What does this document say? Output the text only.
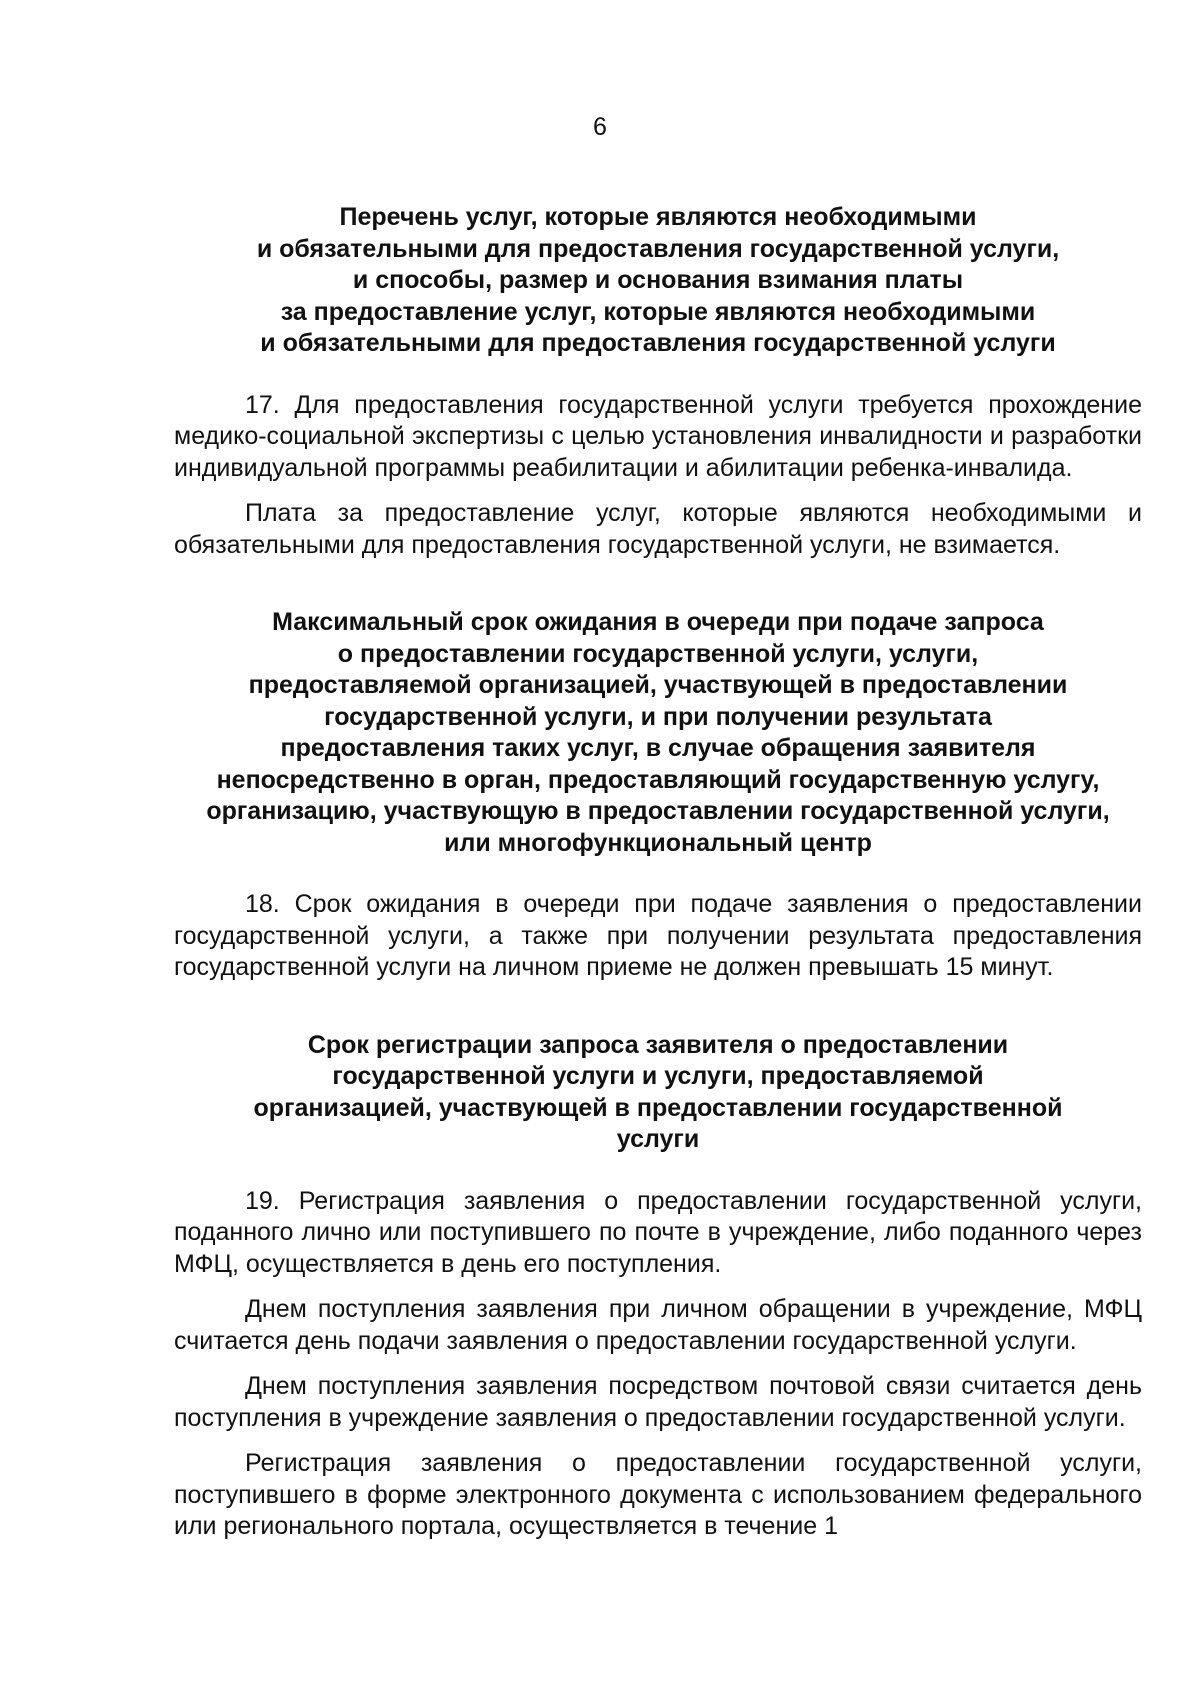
6

Перечень услуг, которые являются необходимыми
и обязательными для предоставления государственной услуги,
и способы, размер и основания взимания платы
за предоставление услуг, которые являются необходимыми
и обязательными для предоставления государственной услуги

17. Для предоставления государственной услуги требуется прохождение медико-социальной экспертизы с целью установления инвалидности и разработки индивидуальной программы реабилитации и абилитации ребенка-инвалида.

Плата за предоставление услуг, которые являются необходимыми и обязательными для предоставления государственной услуги, не взимается.

Максимальный срок ожидания в очереди при подаче запроса
о предоставлении государственной услуги, услуги,
предоставляемой организацией, участвующей в предоставлении
государственной услуги, и при получении результата
предоставления таких услуг, в случае обращения заявителя
непосредственно в орган, предоставляющий государственную услугу,
организацию, участвующую в предоставлении государственной услуги,
или многофункциональный центр

18. Срок ожидания в очереди при подаче заявления о предоставлении государственной услуги, а также при получении результата предоставления государственной услуги на личном приеме не должен превышать 15 минут.

Срок регистрации запроса заявителя о предоставлении
государственной услуги и услуги, предоставляемой
организацией, участвующей в предоставлении государственной
услуги

19. Регистрация заявления о предоставлении государственной услуги, поданного лично или поступившего по почте в учреждение, либо поданного через МФЦ, осуществляется в день его поступления.

Днем поступления заявления при личном обращении в учреждение, МФЦ считается день подачи заявления о предоставлении государственной услуги.

Днем поступления заявления посредством почтовой связи считается день поступления в учреждение заявления о предоставлении государственной услуги.

Регистрация заявления о предоставлении государственной услуги, поступившего в форме электронного документа с использованием федерального или регионального портала, осуществляется в течение 1
